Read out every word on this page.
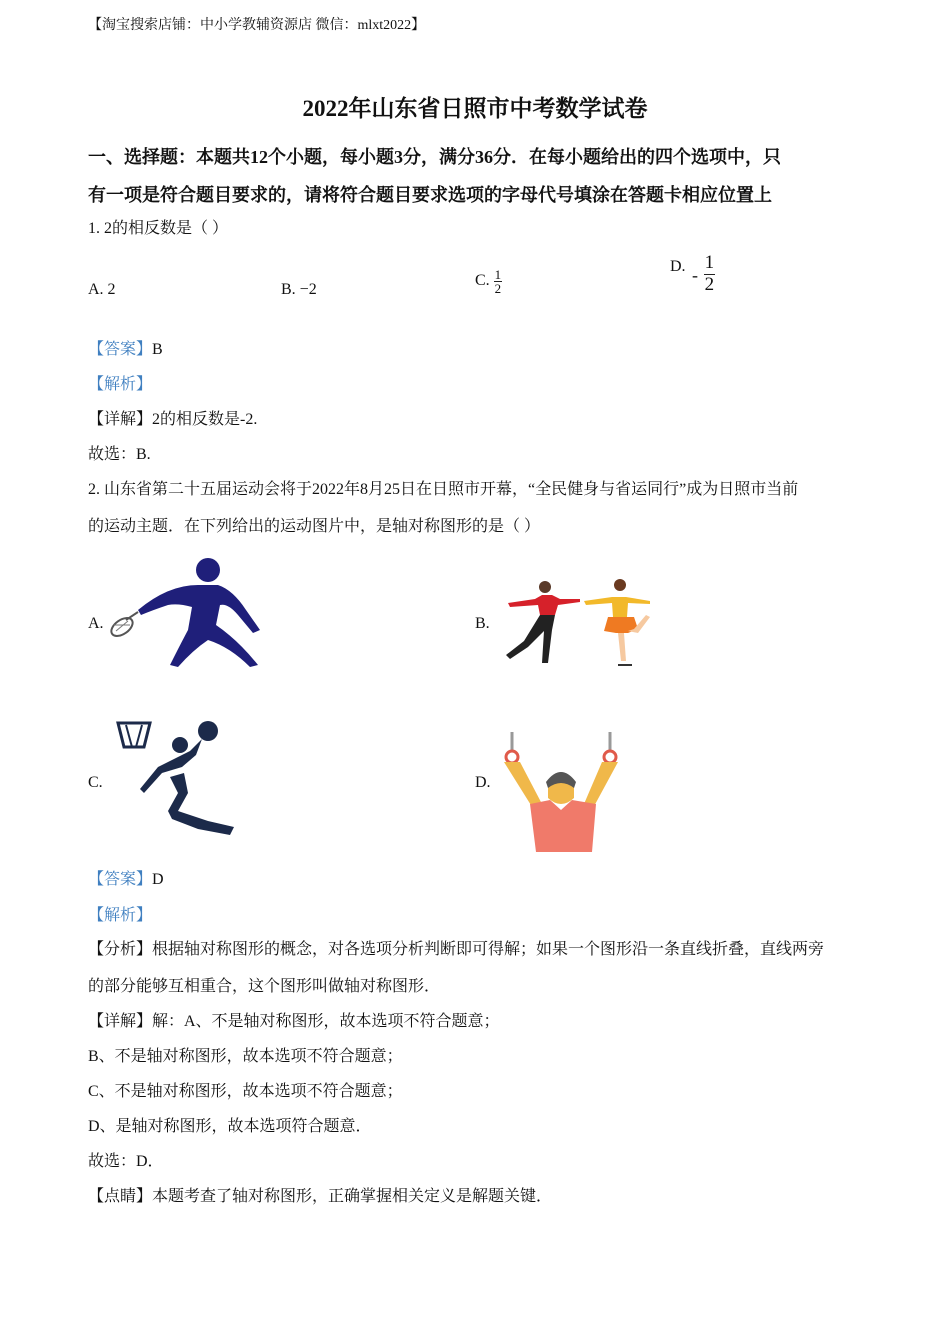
【淘宝搜索店铺：中小学教辅资源店 微信：mlxt2022】
2022年山东省日照市中考数学试卷
一、选择题：本题共12个小题，每小题3分，满分36分．在每小题给出的四个选项中，只
有一项是符合题目要求的，请将符合题目要求选项的字母代号填涂在答题卡相应位置上
1. 2的相反数是（ ）
A. 2	B. −2
C. $\frac{1}{2}$
D. - $\frac{1}{2}$
【答案】B
【解析】
【详解】2的相反数是-2.
故选：B.
2. 山东省第二十五届运动会将于2022年8月25日在日照市开幕，“全民健身与省运同行”成为日照市当前
的运动主题．在下列给出的运动图片中，是轴对称图形的是（ ）
A.	B.
C.	D.
【答案】D
【解析】
【分析】根据轴对称图形的概念，对各选项分析判断即可得解；如果一个图形沿一条直线折叠，直线两旁
的部分能够互相重合，这个图形叫做轴对称图形．
【详解】解：A、不是轴对称图形，故本选项不符合题意；
B、不是轴对称图形，故本选项不符合题意；
C、不是轴对称图形，故本选项不符合题意；
D、是轴对称图形，故本选项符合题意．
故选：D．
【点睛】本题考查了轴对称图形，正确掌握相关定义是解题关键．
